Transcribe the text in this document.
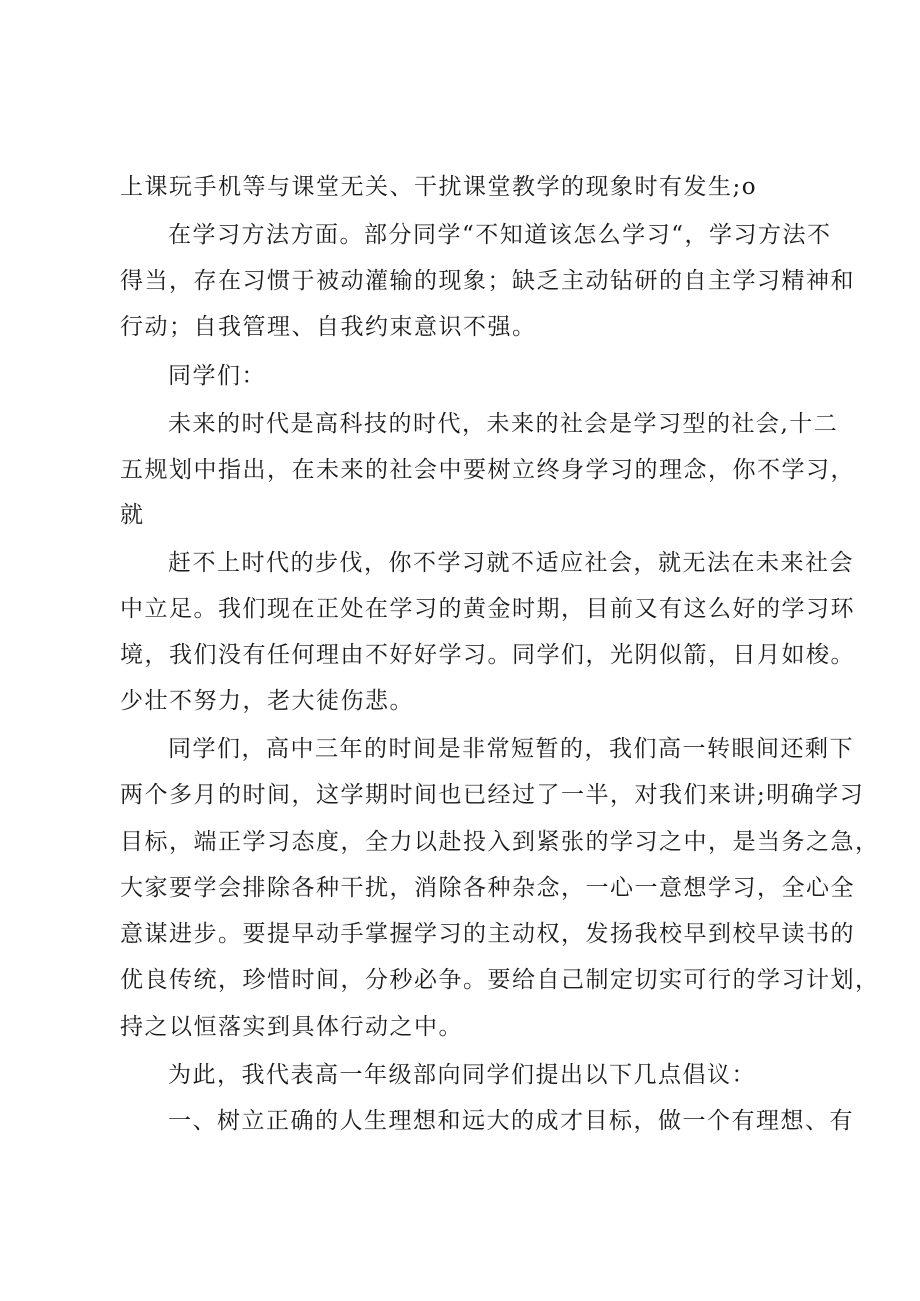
上课玩手机等与课堂无关、干扰课堂教学的现象时有发生;o
在学习方法方面。部分同学“不知道该怎么学习“，学习方法不
得当，存在习惯于被动灌输的现象；缺乏主动钻研的自主学习精神和
行动；自我管理、自我约束意识不强。
同学们：
未来的时代是高科技的时代，未来的社会是学习型的社会,十二
五规划中指出，在未来的社会中要树立终身学习的理念，你不学习，
就
赶不上时代的步伐，你不学习就不适应社会，就无法在未来社会
中立足。我们现在正处在学习的黄金时期，目前又有这么好的学习环
境，我们没有任何理由不好好学习。同学们，光阴似箭，日月如梭。
少壮不努力，老大徒伤悲。
同学们，高中三年的时间是非常短暂的，我们高一转眼间还剩下
两个多月的时间，这学期时间也已经过了一半，对我们来讲;明确学习
目标，端正学习态度，全力以赴投入到紧张的学习之中，是当务之急，
大家要学会排除各种干扰，消除各种杂念，一心一意想学习，全心全
意谋进步。要提早动手掌握学习的主动权，发扬我校早到校早读书的
优良传统，珍惜时间，分秒必争。要给自己制定切实可行的学习计划，
持之以恒落实到具体行动之中。
为此，我代表高一年级部向同学们提出以下几点倡议：
一、树立正确的人生理想和远大的成才目标，做一个有理想、有
